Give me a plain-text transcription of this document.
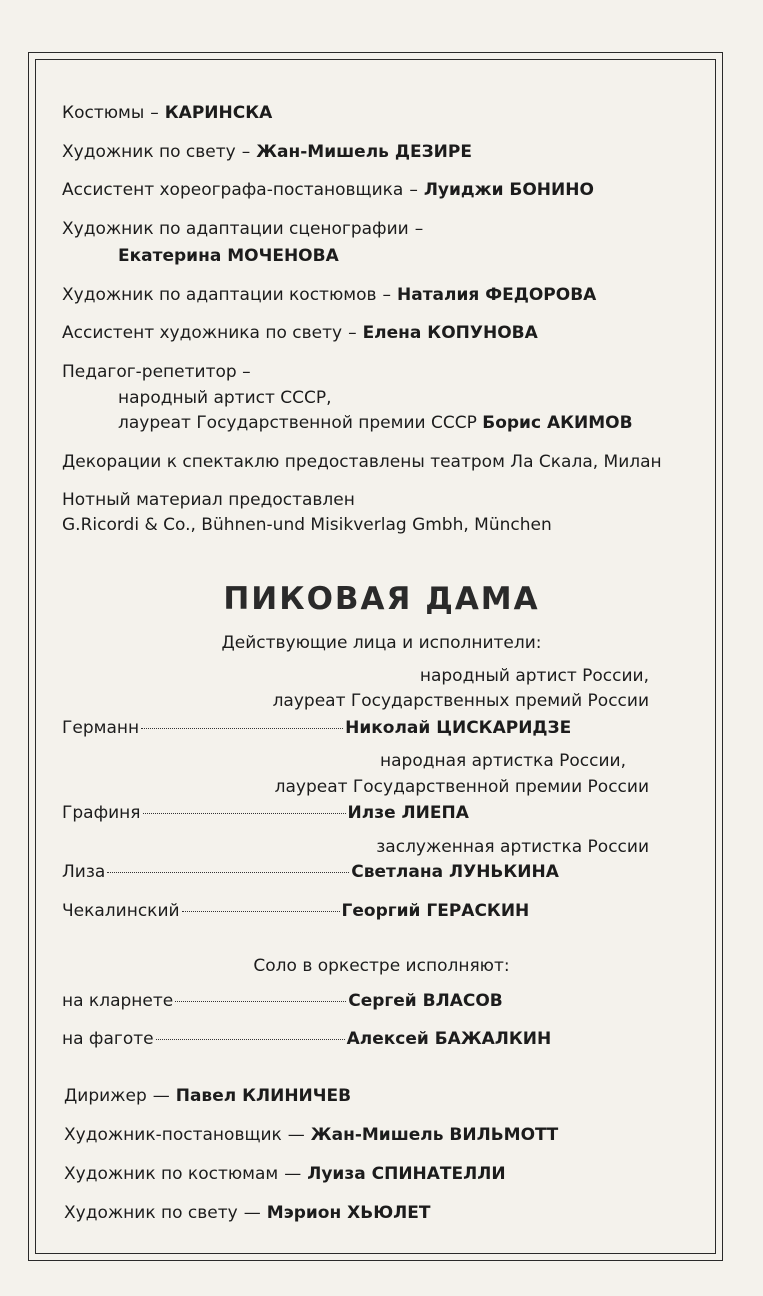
Костюмы – КАРИНСКА
Художник по свету – Жан-Мишель ДЕЗИРЕ
Ассистент хореографа-постановщика – Луиджи БОНИНО
Художник по адаптации сценографии –
Екатерина МОЧЕНОВА
Художник по адаптации костюмов – Наталия ФЕДОРОВА
Ассистент художника по свету – Елена КОПУНОВА
Педагог-репетитор –
народный артист СССР,
лауреат Государственной премии СССР Борис АКИМОВ
Декорации к спектаклю предоставлены театром Ла Скала, Милан
Нотный материал предоставлен
G.Ricordi & Co., Bühnen-und Misikverlag Gmbh, München
ПИКОВАЯ ДАМА
Действующие лица и исполнители:
народный артист России,
лауреат Государственных премий России
Германн	Николай ЦИСКАРИДЗЕ
народная артистка России,
лауреат Государственной премии России
Графиня	Илзе ЛИЕПА
заслуженная артистка России
Лиза	Светлана ЛУНЬКИНА
Чекалинский	Георгий ГЕРАСКИН
Соло в оркестре исполняют:
на кларнете	Сергей ВЛАСОВ
на фаготе	Алексей БАЖАЛКИН
Дирижер — Павел КЛИНИЧЕВ
Художник-постановщик — Жан-Мишель ВИЛЬМОТТ
Художник по костюмам — Луиза СПИНАТЕЛЛИ
Художник по свету — Мэрион ХЬЮЛЕТ
